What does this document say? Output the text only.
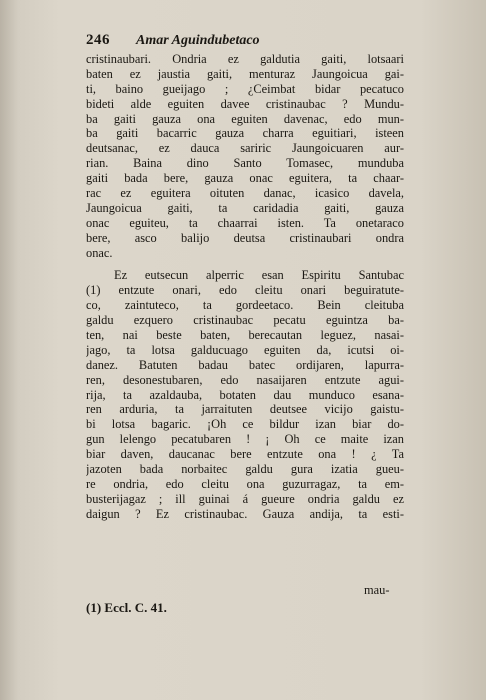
246 Amar Aguindubetaco
cristinaubari. Ondria ez galdutia gaiti, lotsaari
baten ez jaustia gaiti, menturaz Jaungoicua gai-
ti, baino gueijago ; ¿Ceimbat bidar pecatuco
bideti alde eguiten davee cristinaubac ? Mundu-
ba gaiti gauza ona eguiten davenac, edo mun-
ba gaiti bacarric gauza charra eguitiari, isteen
deutsanac, ez dauca sariric Jaungoicuaren aur-
rian. Baina dino Santo Tomasec, munduba
gaiti bada bere, gauza onac eguitera, ta chaar-
rac ez eguitera oituten danac, icasico davela,
Jaungoicua gaiti, ta caridadia gaiti, gauza
onac eguiteu, ta chaarrai isten. Ta onetaraco
bere, asco balijo deutsa cristinaubari ondra
onac.
Ez eutsecun alperric esan Espiritu Santubac
(1) entzute onari, edo cleitu onari beguiratute-
co, zaintuteco, ta gordeetaco. Bein cleituba
galdu ezquero cristinaubac pecatu eguintza ba-
ten, nai beste baten, berecautan leguez, nasai-
jago, ta lotsa galducuago eguiten da, icutsi oi-
danez. Batuten badau batec ordijaren, lapurra-
ren, desonestubaren, edo nasaijaren entzute agui-
rija, ta azaldauba, botaten dau munduco esana-
ren arduria, ta jarraituten deutsee vicijo gaistu-
bi lotsa bagaric. ¡Oh ce bildur izan biar do-
gun lelengo pecatubaren ! ¡ Oh ce maite izan
biar daven, daucanac bere entzute ona ! ¿ Ta
jazoten bada norbaitec galdu gura izatia gueu-
re ondria, edo cleitu ona guzurragaz, ta em-
busterijagaz ; ill guinai á gueure ondria galdu ez
daigun ? Ez cristinaubac. Gauza andija, ta esti-
mau-
(1) Eccl. C. 41.
